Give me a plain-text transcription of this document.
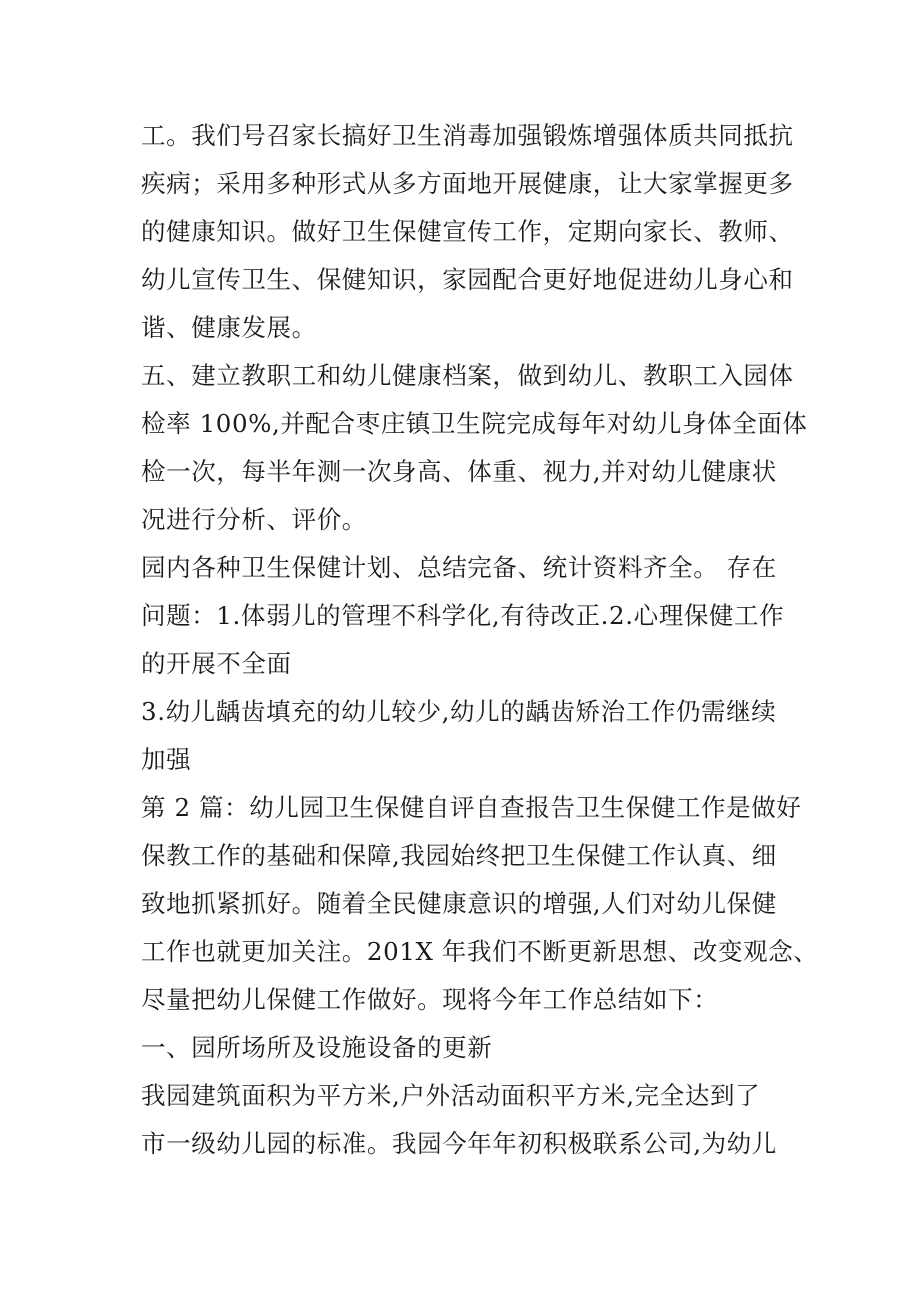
工。我们号召家长搞好卫生消毒加强锻炼增强体质共同抵抗
疾病；采用多种形式从多方面地开展健康，让大家掌握更多
的健康知识。做好卫生保健宣传工作，定期向家长、教师、
幼儿宣传卫生、保健知识，家园配合更好地促进幼儿身心和
谐、健康发展。
五、建立教职工和幼儿健康档案，做到幼儿、教职工入园体
检率 100%,并配合枣庄镇卫生院完成每年对幼儿身体全面体
检一次，每半年测一次身高、体重、视力,并对幼儿健康状
况进行分析、评价。
园内各种卫生保健计划、总结完备、统计资料齐全。 存在
问题：1.体弱儿的管理不科学化,有待改正.2.心理保健工作
的开展不全面
3.幼儿龋齿填充的幼儿较少,幼儿的龋齿矫治工作仍需继续
加强
第 2 篇：幼儿园卫生保健自评自查报告卫生保健工作是做好
保教工作的基础和保障,我园始终把卫生保健工作认真、细
致地抓紧抓好。随着全民健康意识的增强,人们对幼儿保健
工作也就更加关注。201X 年我们不断更新思想、改变观念、
尽量把幼儿保健工作做好。现将今年工作总结如下：
一、园所场所及设施设备的更新
我园建筑面积为平方米,户外活动面积平方米,完全达到了
市一级幼儿园的标准。我园今年年初积极联系公司,为幼儿
